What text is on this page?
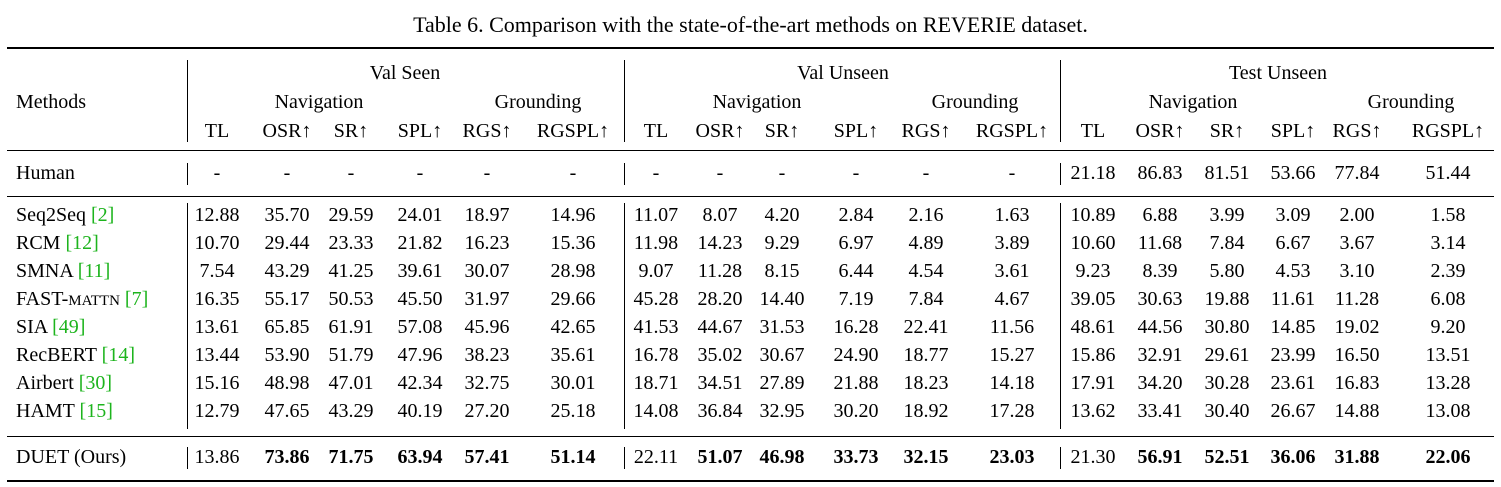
Table 6. Comparison with the state-of-the-art methods on REVERIE dataset.
Methods
Val Seen	Val Unseen	Test Unseen
Navigation	Navigation	Navigation
Grounding	Grounding	Grounding
TL OSR↑ SR↑ SPL↑ RGS↑ RGSPL↑ TL OSR↑ SR↑ SPL↑ RGS↑ RGSPL↑ TL OSR↑ SR↑ SPL↑ RGS↑ RGSPL↑
Human	-	-	-	-	-	-	-	-	-	-	-	-	21.18 86.83 81.51 53.66 77.84 51.44
Seq2Seq [2]	12.88 35.70 29.59 24.01 18.97 14.96 11.07 8.07 4.20 2.84 2.16	1.63 10.89 6.88 3.99 3.09 2.00	1.58
RCM [12]	10.70 29.44 23.33 21.82 16.23 15.36 11.98 14.23 9.29 6.97 4.89	3.89 10.60 11.68 7.84 6.67 3.67	3.14
SMNA [11]	7.54 43.29 41.25 39.61 30.07 28.98 9.07 11.28 8.15 6.44 4.54	3.61 9.23 8.39 5.80 4.53 3.10	2.39
FAST-MATTN [7] 16.35 55.17 50.53 45.50 31.97 29.66 45.28 28.20 14.40 7.19 7.84	4.67 39.05 30.63 19.88 11.61 11.28	6.08
SIA [49]	13.61 65.85 61.91 57.08 45.96 42.65 41.53 44.67 31.53 16.28 22.41 11.56 48.61 44.56 30.80 14.85 19.02	9.20
RecBERT [14]	13.44 53.90 51.79 47.96 38.23 35.61 16.78 35.02 30.67 24.90 18.77 15.27 15.86 32.91 29.61 23.99 16.50 13.51
Airbert [30]	15.16 48.98 47.01 42.34 32.75 30.01 18.71 34.51 27.89 21.88 18.23 14.18 17.91 34.20 30.28 23.61 16.83 13.28
HAMT [15]	12.79 47.65 43.29 40.19 27.20 25.18 14.08 36.84 32.95 30.20 18.92 17.28 13.62 33.41 30.40 26.67 14.88 13.08
DUET (Ours)	13.86 73.86 71.75 63.94 57.41 51.14 22.11 51.07 46.98 33.73 32.15 23.03 21.30 56.91 52.51 36.06 31.88 22.06
